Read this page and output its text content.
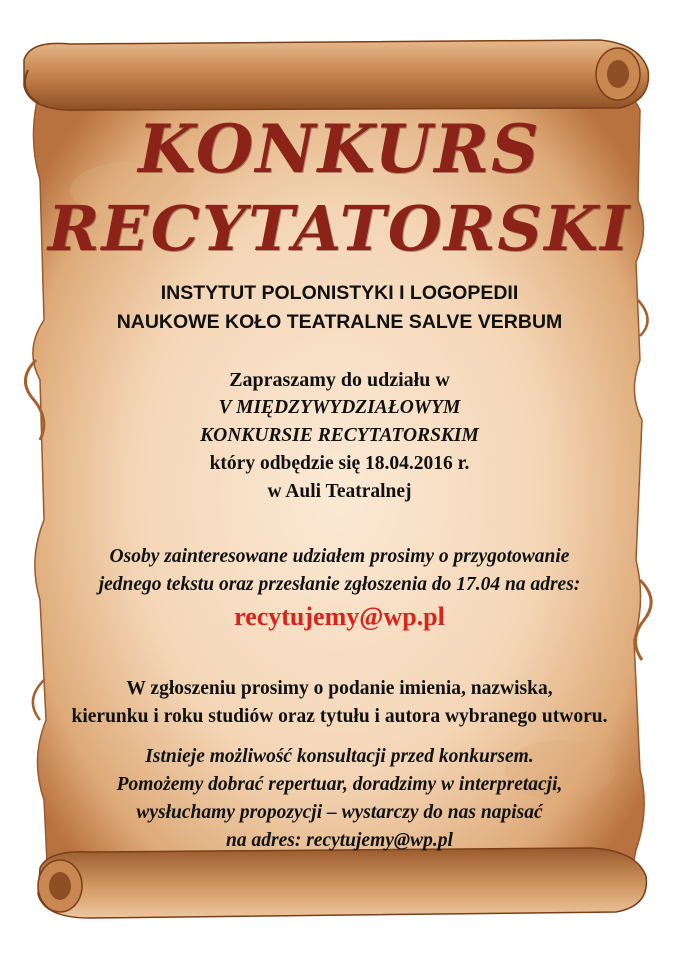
KONKURS
RECYTATORSKI
INSTYTUT POLONISTYKI I LOGOPEDII
NAUKOWE KOŁO TEATRALNE SALVE VERBUM
Zapraszamy do udziału w
V MIĘDZYWYDZIAŁOWYM
KONKURSIE RECYTATORSKIM
który odbędzie się 18.04.2016 r.
w Auli Teatralnej
Osoby zainteresowane udziałem prosimy o przygotowanie
jednego tekstu oraz przesłanie zgłoszenia do 17.04 na adres:
recytujemy@wp.pl
W zgłoszeniu prosimy o podanie imienia, nazwiska,
kierunku i roku studiów oraz tytułu i autora wybranego utworu.
Istnieje możliwość konsultacji przed konkursem.
Pomożemy dobrać repertuar, doradzimy w interpretacji,
wysłuchamy propozycji – wystarczy do nas napisać
na adres: recytujemy@wp.pl
